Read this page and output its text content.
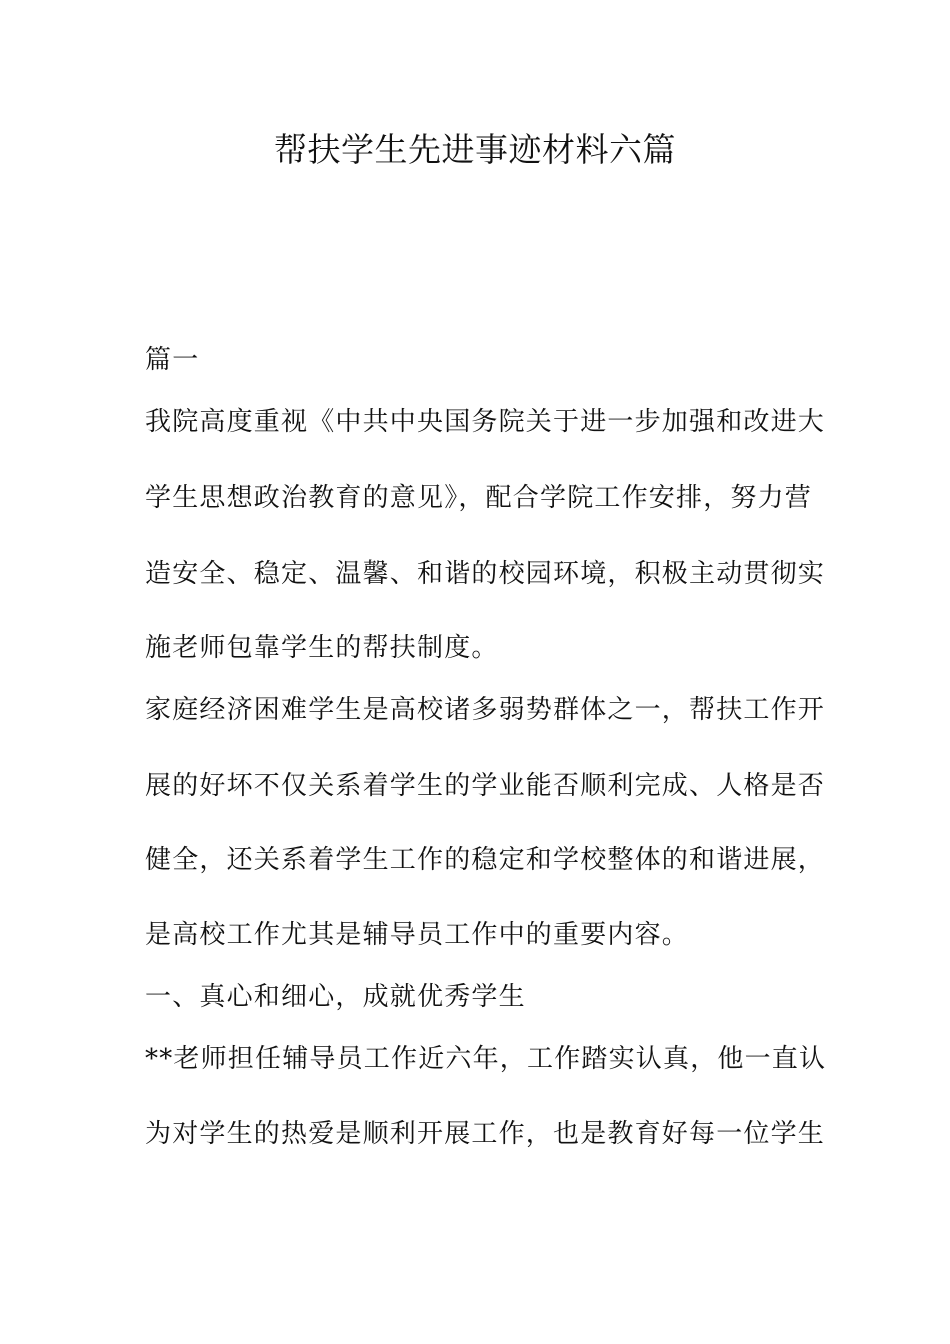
帮扶学生先进事迹材料六篇
篇一
我院高度重视《中共中央国务院关于进一步加强和改进大
学生思想政治教育的意见》，配合学院工作安排，努力营
造安全、稳定、温馨、和谐的校园环境，积极主动贯彻实
施老师包靠学生的帮扶制度。
家庭经济困难学生是高校诸多弱势群体之一，帮扶工作开
展的好坏不仅关系着学生的学业能否顺利完成、人格是否
健全，还关系着学生工作的稳定和学校整体的和谐进展，
是高校工作尤其是辅导员工作中的重要内容。
一、真心和细心，成就优秀学生
**老师担任辅导员工作近六年，工作踏实认真，他一直认
为对学生的热爱是顺利开展工作，也是教育好每一位学生
